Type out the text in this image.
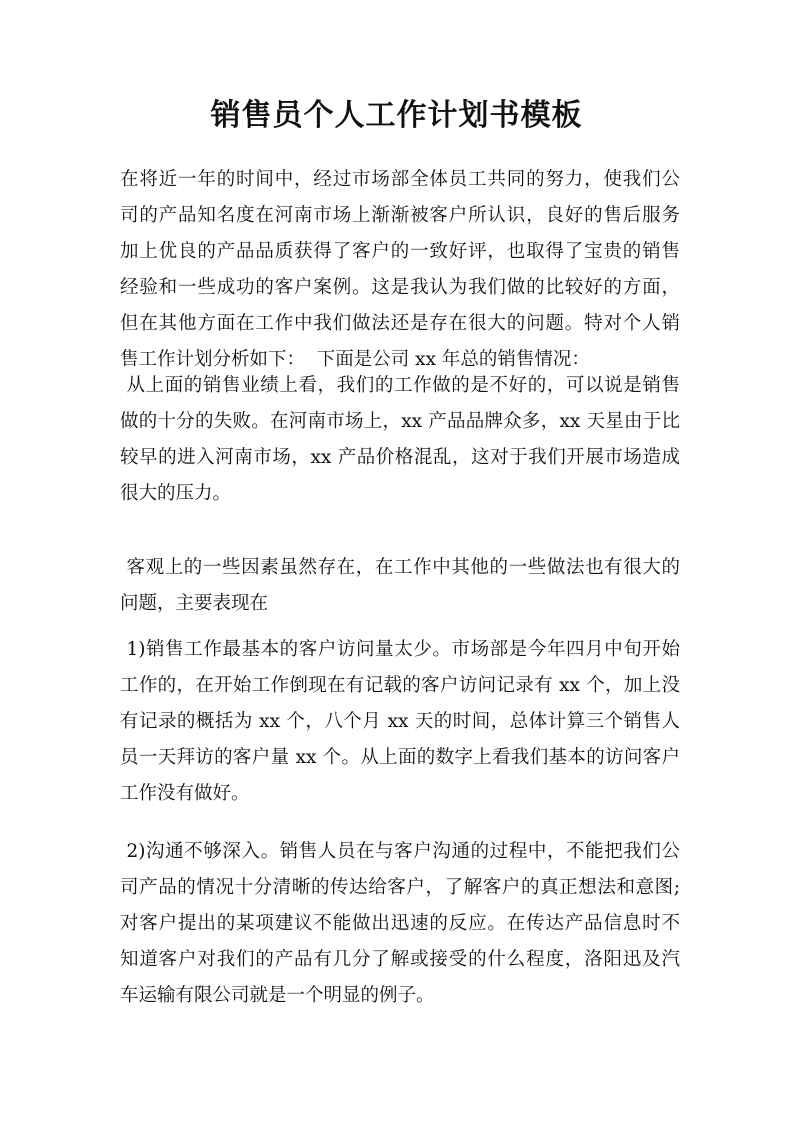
销售员个人工作计划书模板

在将近一年的时间中，经过市场部全体员工共同的努力，使我们公
司的产品知名度在河南市场上渐渐被客户所认识，良好的售后服务
加上优良的产品品质获得了客户的一致好评，也取得了宝贵的销售
经验和一些成功的客户案例。这是我认为我们做的比较好的方面，
但在其他方面在工作中我们做法还是存在很大的问题。特对个人销
售工作计划分析如下：  下面是公司 xx 年总的销售情况：

从上面的销售业绩上看，我们的工作做的是不好的，可以说是销售
做的十分的失败。在河南市场上，xx 产品品牌众多，xx 天星由于比
较早的进入河南市场，xx 产品价格混乱，这对于我们开展市场造成
很大的压力。

客观上的一些因素虽然存在，在工作中其他的一些做法也有很大的
问题，主要表现在

1)销售工作最基本的客户访问量太少。市场部是今年四月中旬开始
工作的，在开始工作倒现在有记载的客户访问记录有 xx 个，加上没
有记录的概括为 xx 个，八个月 xx 天的时间，总体计算三个销售人
员一天拜访的客户量 xx 个。从上面的数字上看我们基本的访问客户
工作没有做好。

2)沟通不够深入。销售人员在与客户沟通的过程中，不能把我们公
司产品的情况十分清晰的传达给客户，了解客户的真正想法和意图;
对客户提出的某项建议不能做出迅速的反应。在传达产品信息时不
知道客户对我们的产品有几分了解或接受的什么程度，洛阳迅及汽
车运输有限公司就是一个明显的例子。
